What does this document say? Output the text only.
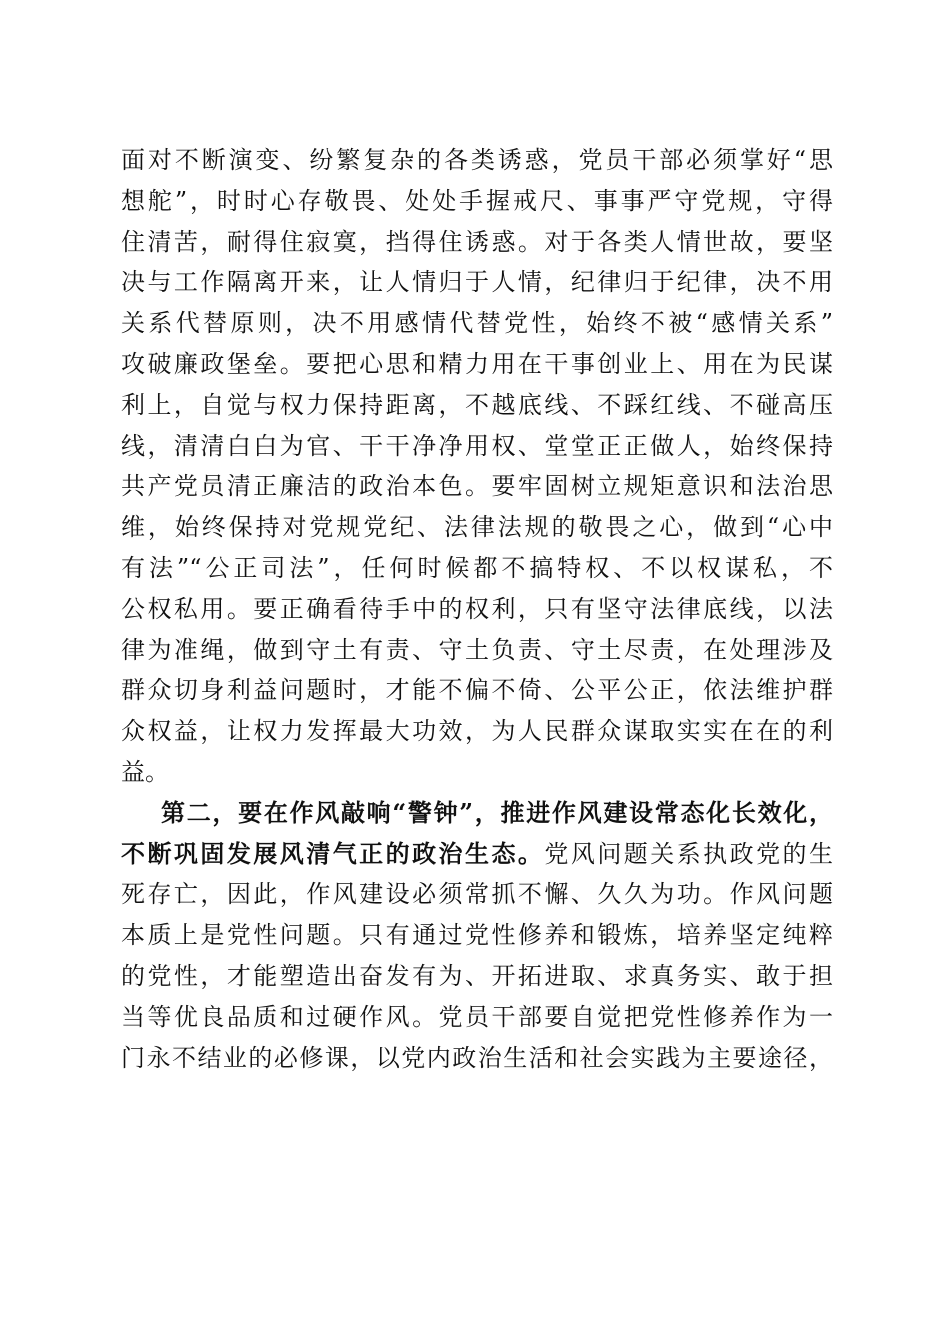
面对不断演变、纷繁复杂的各类诱惑，党员干部必须掌好“思
想舵”，时时心存敬畏、处处手握戒尺、事事严守党规，守得
住清苦，耐得住寂寞，挡得住诱惑。对于各类人情世故，要坚
决与工作隔离开来，让人情归于人情，纪律归于纪律，决不用
关系代替原则，决不用感情代替党性，始终不被“感情关系”
攻破廉政堡垒。要把心思和精力用在干事创业上、用在为民谋
利上，自觉与权力保持距离，不越底线、不踩红线、不碰高压
线，清清白白为官、干干净净用权、堂堂正正做人，始终保持
共产党员清正廉洁的政治本色。要牢固树立规矩意识和法治思
维，始终保持对党规党纪、法律法规的敬畏之心，做到“心中
有法”“公正司法”，任何时候都不搞特权、不以权谋私，不
公权私用。要正确看待手中的权利，只有坚守法律底线，以法
律为准绳，做到守土有责、守土负责、守土尽责，在处理涉及
群众切身利益问题时，才能不偏不倚、公平公正，依法维护群
众权益，让权力发挥最大功效，为人民群众谋取实实在在的利
益。
第二，要在作风敲响“警钟”，推进作风建设常态化长效化，
不断巩固发展风清气正的政治生态。党风问题关系执政党的生
死存亡，因此，作风建设必须常抓不懈、久久为功。作风问题
本质上是党性问题。只有通过党性修养和锻炼，培养坚定纯粹
的党性，才能塑造出奋发有为、开拓进取、求真务实、敢于担
当等优良品质和过硬作风。党员干部要自觉把党性修养作为一
门永不结业的必修课，以党内政治生活和社会实践为主要途径，
